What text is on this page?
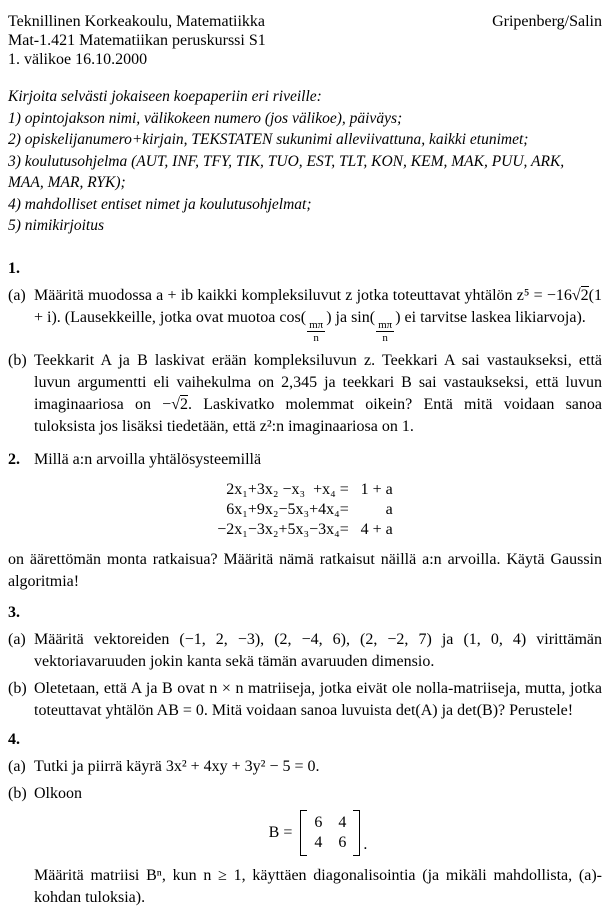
Teknillinen Korkeakoulu, Matematiikka	Gripenberg/Salin
Mat-1.421 Matematiikan peruskurssi S1
1. välikoe 16.10.2000
Kirjoita selvästi jokaiseen koepaperiin eri riveille:
1) opintojakson nimi, välikokeen numero (jos välikoe), päiväys;
2) opiskelijanumero+kirjain, TEKSTATEN sukunimi alleviivattuna, kaikki etunimet;
3) koulutusohjelma (AUT, INF, TFY, TIK, TUO, EST, TLT, KON, KEM, MAK, PUU, ARK, MAA, MAR, RYK);
4) mahdolliset entiset nimet ja koulutusohjelmat;
5) nimikirjoitus
1.
(a) Määritä muodossa a + ib kaikki kompleksiluvut z jotka toteuttavat yhtälön z⁵ = −16√2(1 + i). (Lausekkeille, jotka ovat muotoa cos(
$\frac{m\pi}{n}$
) ja sin(
$\frac{m\pi}{n}$
) ei tarvitse laskea likiarvoja).
(b) Teekkarit A ja B laskivat erään kompleksiluvun z. Teekkari A sai vastaukseksi, että luvun argumentti eli vaihekulma on 2,345 ja teekkari B sai vastaukseksi, että luvun imaginaariosa on −√2. Laskivatko molemmat oikein? Entä mitä voidaan sanoa tuloksista jos lisäksi tiedetään, että z²:n imaginaariosa on 1.
2. Millä a:n arvoilla yhtälösysteemillä
2x₁ +3x₂ −x₃ +x₄ = 1 + a
6x₁ +9x₂ −5x₃ +4x₄ =	a
−2x₁ −3x₂ +5x₃ −3x₄ = 4 + a
on äärettömän monta ratkaisua? Määritä nämä ratkaisut näillä a:n arvoilla. Käytä Gaussin algoritmia!
3.
(a) Määritä vektoreiden (−1, 2, −3), (2, −4, 6), (2, −2, 7) ja (1, 0, 4) virittämän vektoriavaruuden jokin kanta sekä tämän avaruuden dimensio.
(b) Oletetaan, että A ja B ovat n × n matriiseja, jotka eivät ole nolla-matriiseja, mutta, jotka toteuttavat yhtälön AB = 0. Mitä voidaan sanoa luvuista det(A) ja det(B)? Perustele!
4.
(a) Tutki ja piirrä käyrä 3x² + 4xy + 3y² − 5 = 0.
(b) Olkoon
B =
6 4
4 6 .
Määritä matriisi Bⁿ, kun n ≥ 1, käyttäen diagonalisointia (ja mikäli mahdollista, (a)-kohdan tuloksia).
